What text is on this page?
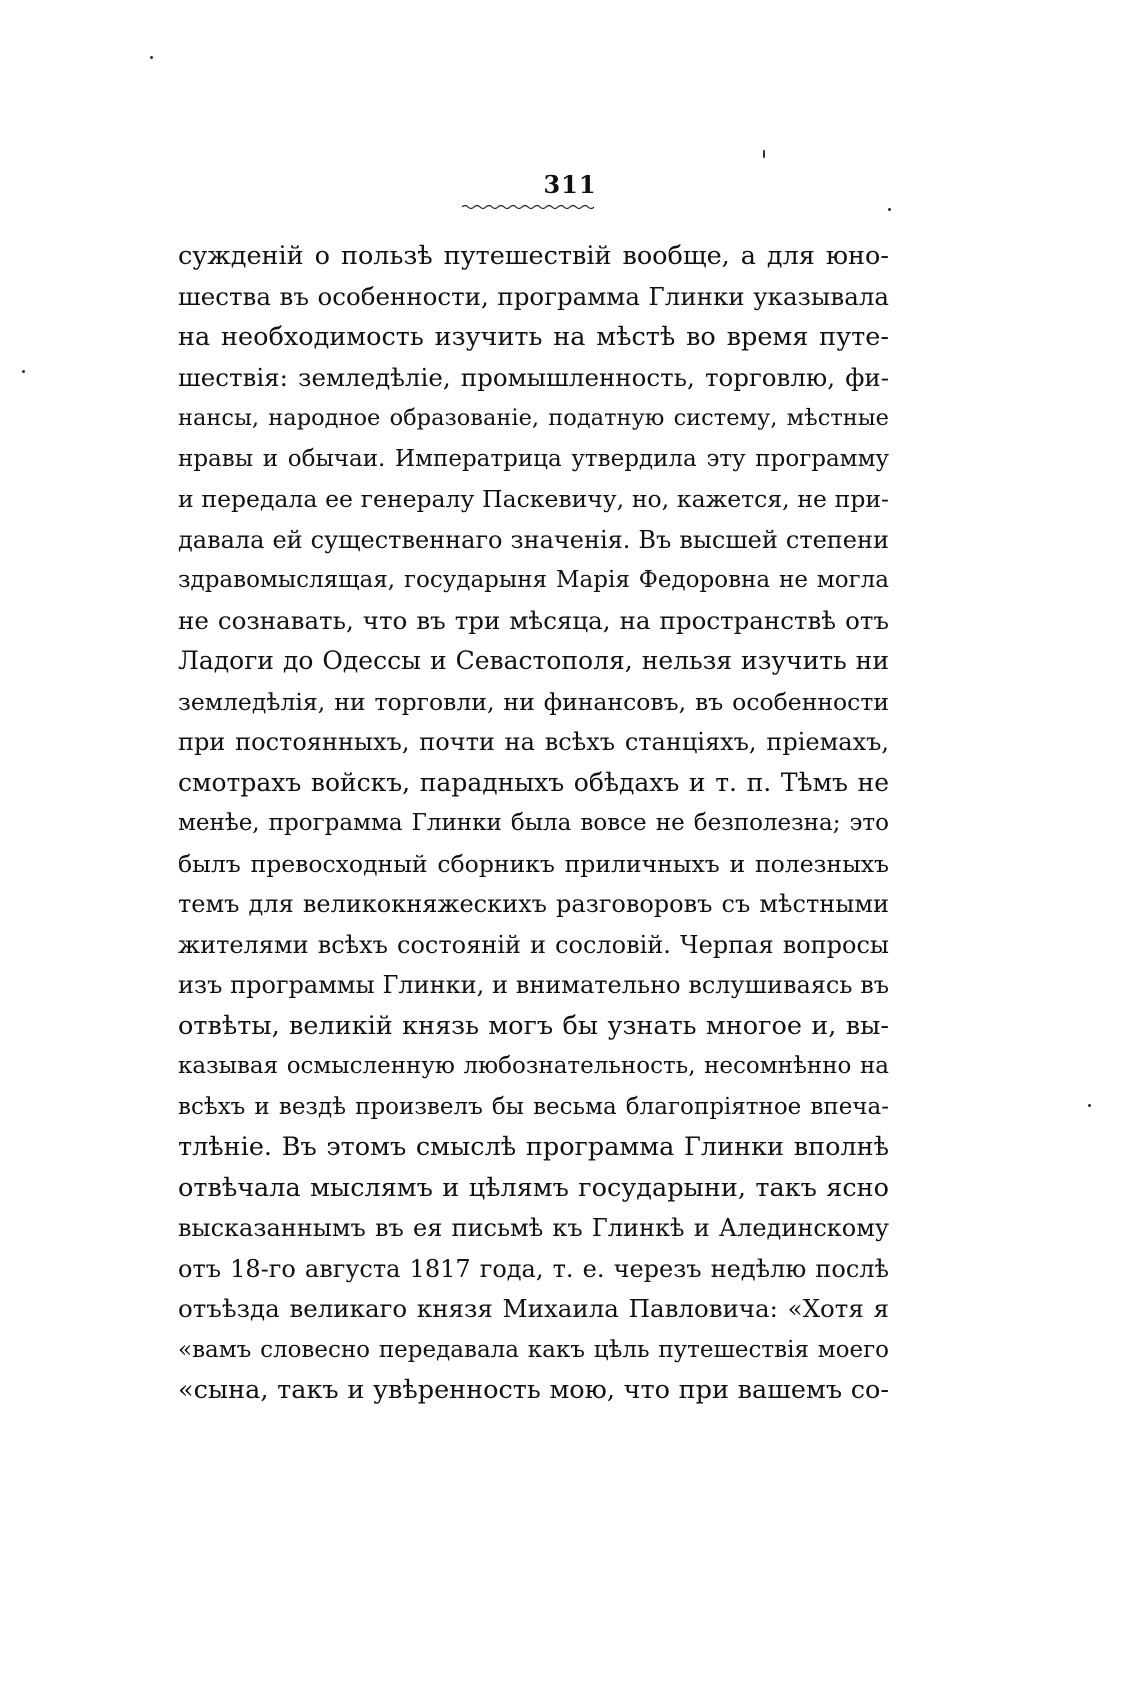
311
сужденій о пользѣ путешествій вообще, а для юно-
шества въ особенности, программа Глинки указывала
на необходимость изучить на мѣстѣ во время путе-
шествія: земледѣліе, промышленность, торговлю, фи-
нансы, народное образованіе, податную систему, мѣстные
нравы и обычаи. Императрица утвердила эту программу
и передала ее генералу Паскевичу, но, кажется, не при-
давала ей существеннаго значенія. Въ высшей степени
здравомыслящая, государыня Марія Федоровна не могла
не сознавать, что въ три мѣсяца, на пространствѣ отъ
Ладоги до Одессы и Севастополя, нельзя изучить ни
земледѣлія, ни торговли, ни финансовъ, въ особенности
при постоянныхъ, почти на всѣхъ станціяхъ, пріемахъ,
смотрахъ войскъ, парадныхъ обѣдахъ и т. п. Тѣмъ не
менѣе, программа Глинки была вовсе не безполезна; это
былъ превосходный сборникъ приличныхъ и полезныхъ
темъ для великокняжескихъ разговоровъ съ мѣстными
жителями всѣхъ состояній и сословій. Черпая вопросы
изъ программы Глинки, и внимательно вслушиваясь въ
отвѣты, великій князь могъ бы узнать многое и, вы-
казывая осмысленную любознательность, несомнѣнно на
всѣхъ и вездѣ произвелъ бы весьма благопріятное впеча-
тлѣніе. Въ этомъ смыслѣ программа Глинки вполнѣ
отвѣчала мыслямъ и цѣлямъ государыни, такъ ясно
высказаннымъ въ ея письмѣ къ Глинкѣ и Алединскому
отъ 18-го августа 1817 года, т. е. черезъ недѣлю послѣ
отъѣзда великаго князя Михаила Павловича: «Хотя я
«вамъ словесно передавала какъ цѣль путешествія моего
«сына, такъ и увѣренность мою, что при вашемъ со-
